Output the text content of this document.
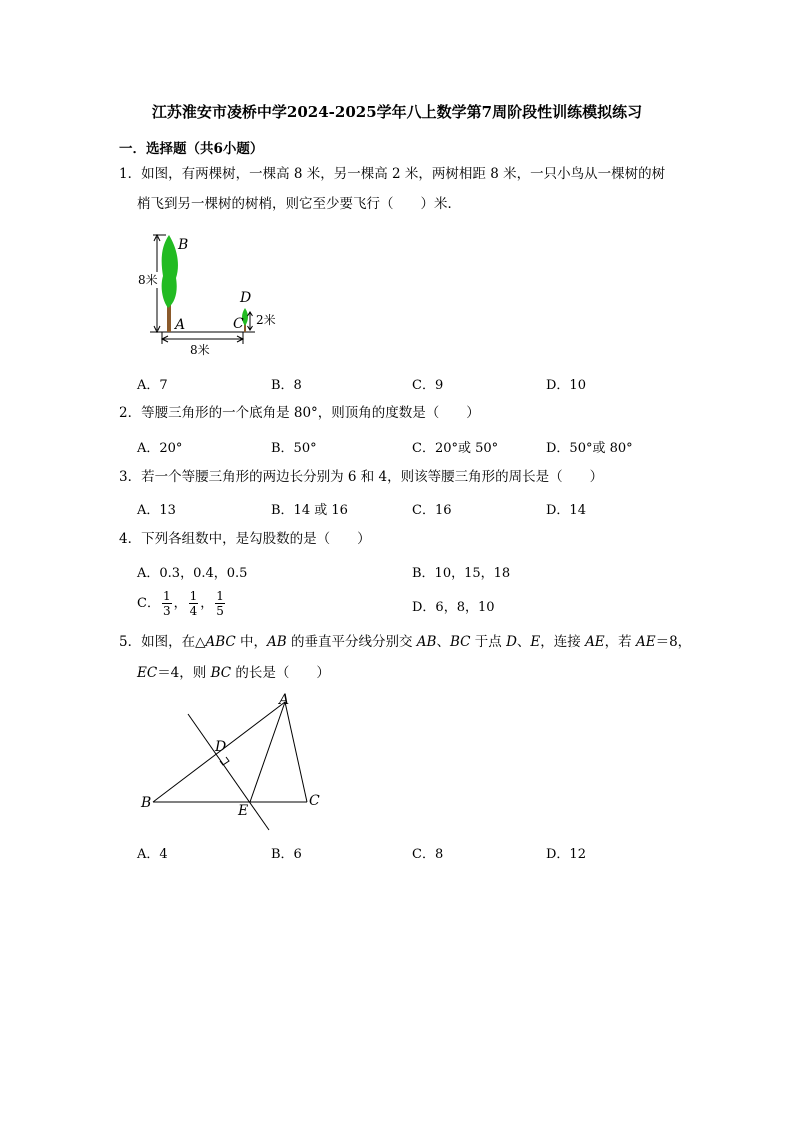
江苏淮安市凌桥中学2024-2025学年八上数学第7周阶段性训练模拟练习
一．选择题（共6小题）
1．如图，有两棵树，一棵高 8 米，另一棵高 2 米，两树相距 8 米，一只小鸟从一棵树的树
梢飞到另一棵树的树梢，则它至少要飞行（　　）米．
8米
2米
8米
B
A	C
D
A．7	B．8	C．9	D．10
2．等腰三角形的一个底角是 80°，则顶角的度数是（　　）
A．20°	B．50°	C．20°或 50°	D．50°或 80°
3．若一个等腰三角形的两边长分别为 6 和 4，则该等腰三角形的周长是（　　）
A．13	B．14 或 16	C．16	D．14
4．下列各组数中，是勾股数的是（　　）
A．0.3，0.4，0.5	B．10，15，18
C． $\frac{1}{3}$ ， $\frac{1}{4}$ ， $\frac{1}{5}$	D．6，8，10
5．如图，在△ABC 中，AB 的垂直平分线分别交 AB、BC 于点 D、E，连接 AE，若 AE＝8，
EC＝4，则 BC 的长是（　　）
A
B	C
D
E
A．4	B．6	C．8	D．12
